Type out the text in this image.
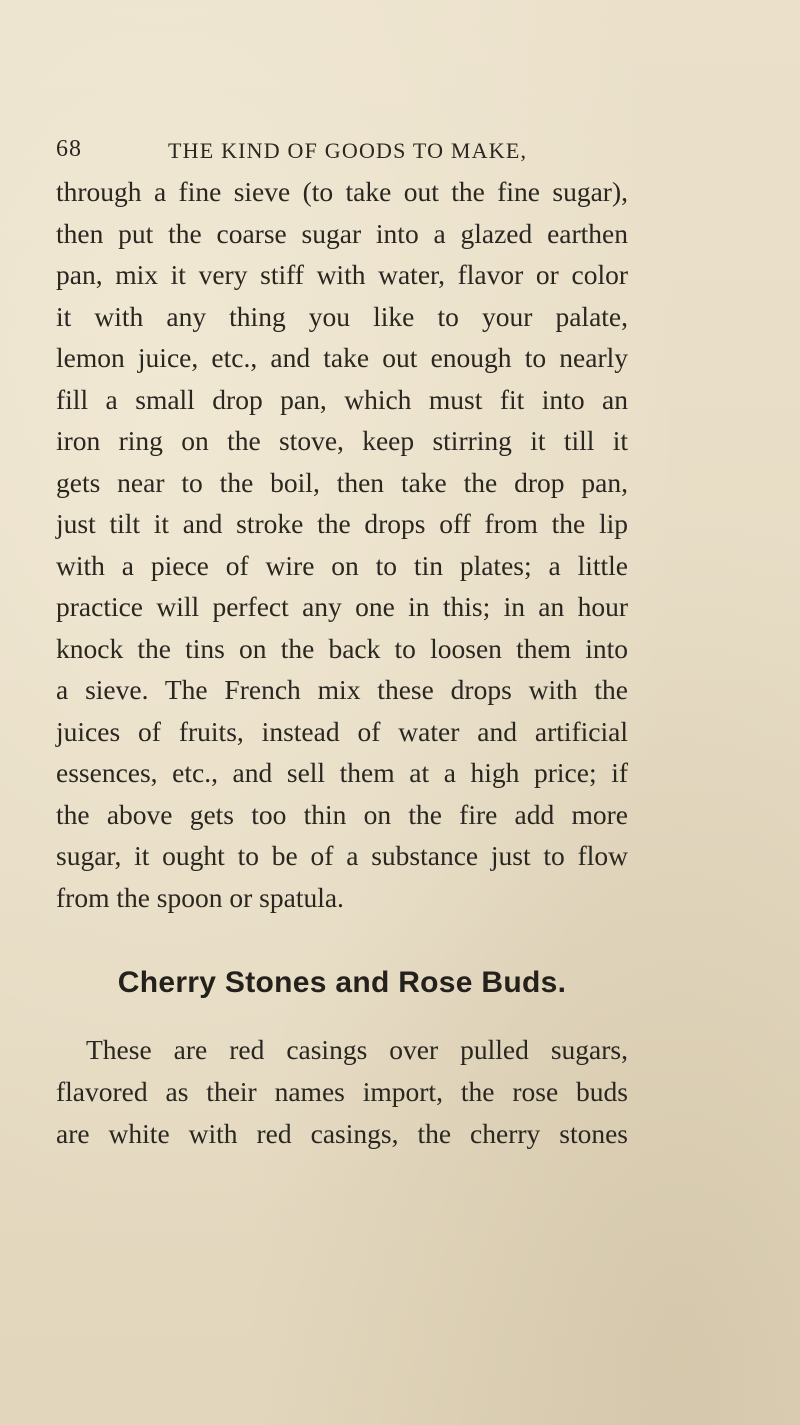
68	THE KIND OF GOODS TO MAKE,
through a fine sieve (to take out the fine sugar),
then put the coarse sugar into a glazed earthen
pan, mix it very stiff with water, flavor or color
it with any thing you like to your palate,
lemon juice, etc., and take out enough to nearly
fill a small drop pan, which must fit into an
iron ring on the stove, keep stirring it till it
gets near to the boil, then take the drop pan,
just tilt it and stroke the drops off from the lip
with a piece of wire on to tin plates; a little
practice will perfect any one in this; in an hour
knock the tins on the back to loosen them into
a sieve. The French mix these drops with the
juices of fruits, instead of water and artificial
essences, etc., and sell them at a high price; if
the above gets too thin on the fire add more
sugar, it ought to be of a substance just to flow
from the spoon or spatula.
Cherry Stones and Rose Buds.
These are red casings over pulled sugars,
flavored as their names import, the rose buds
are white with red casings, the cherry stones
